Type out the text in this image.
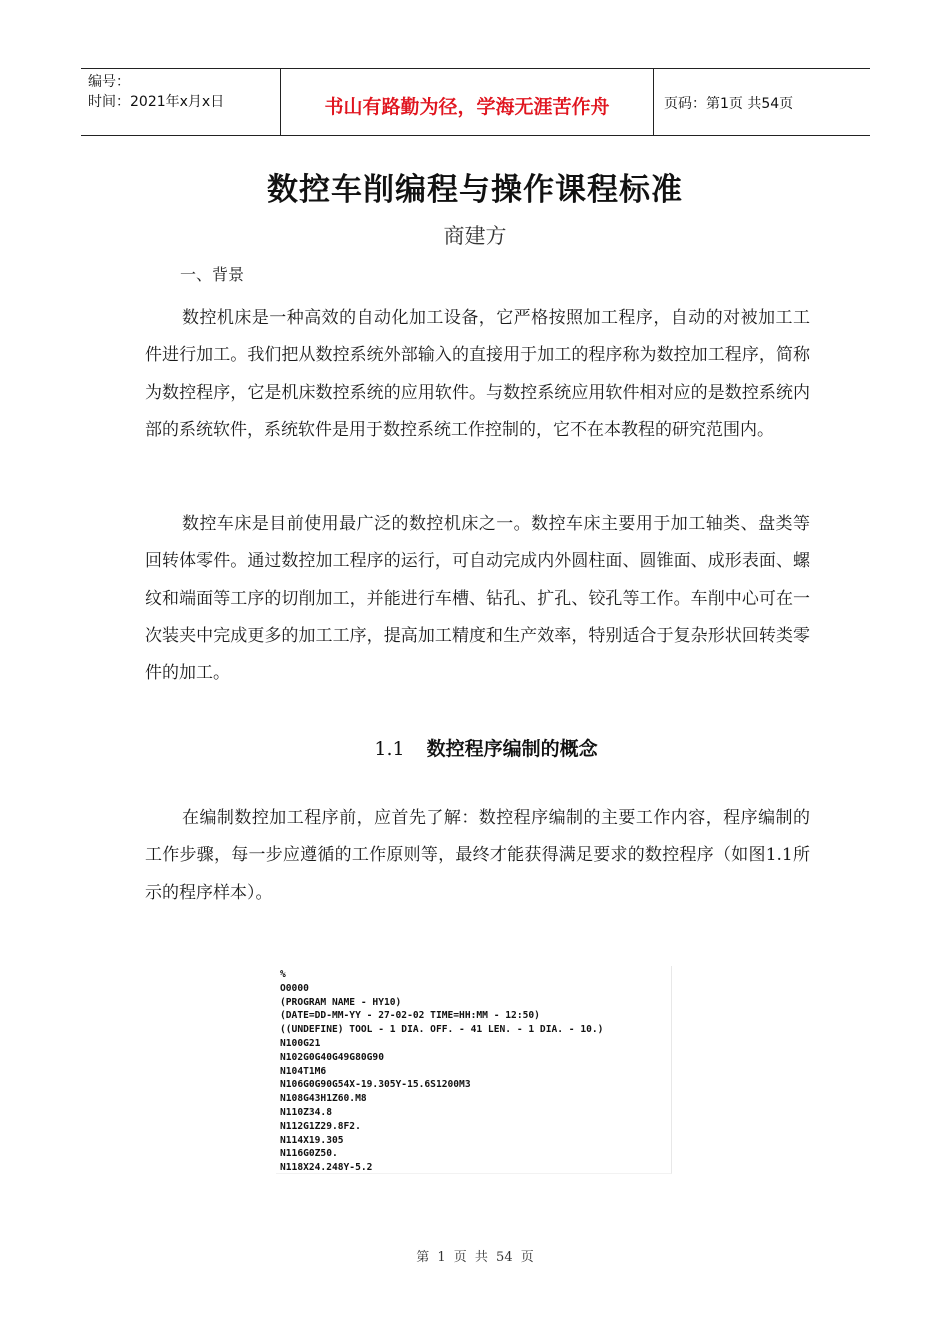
编号：
时间：2021年x月x日	书山有路勤为径，学海无涯苦作舟	页码：第1页 共54页
数控车削编程与操作课程标准
商建方
一、背景

数控机床是一种高效的自动化加工设备，它严格按照加工程序，自动的对被加工工件进行加工。我们把从数控系统外部输入的直接用于加工的程序称为数控加工程序，简称为数控程序，它是机床数控系统的应用软件。与数控系统应用软件相对应的是数控系统内部的系统软件，系统软件是用于数控系统工作控制的，它不在本教程的研究范围内。

数控车床是目前使用最广泛的数控机床之一。数控车床主要用于加工轴类、盘类等回转体零件。通过数控加工程序的运行，可自动完成内外圆柱面、圆锥面、成形表面、螺纹和端面等工序的切削加工，并能进行车槽、钻孔、扩孔、铰孔等工作。车削中心可在一次装夹中完成更多的加工工序，提高加工精度和生产效率，特别适合于复杂形状回转类零件的加工。

1.1 数控程序编制的概念

在编制数控加工程序前，应首先了解：数控程序编制的主要工作内容，程序编制的工作步骤，每一步应遵循的工作原则等，最终才能获得满足要求的数控程序（如图1.1所示的程序样本）。

%
O0000
(PROGRAM NAME - HY10)
(DATE=DD-MM-YY - 27-02-02 TIME=HH:MM - 12:50)
((UNDEFINE) TOOL - 1 DIA. OFF. - 41 LEN. - 1 DIA. - 10.)
N100G21
N102G0G40G49G80G90
N104T1M6
N106G0G90G54X-19.305Y-15.6S1200M3
N108G43H1Z60.M8
N110Z34.8
N112G1Z29.8F2.
N114X19.305
N116G0Z50.
N118X24.248Y-5.2
第 1 页 共 54 页
